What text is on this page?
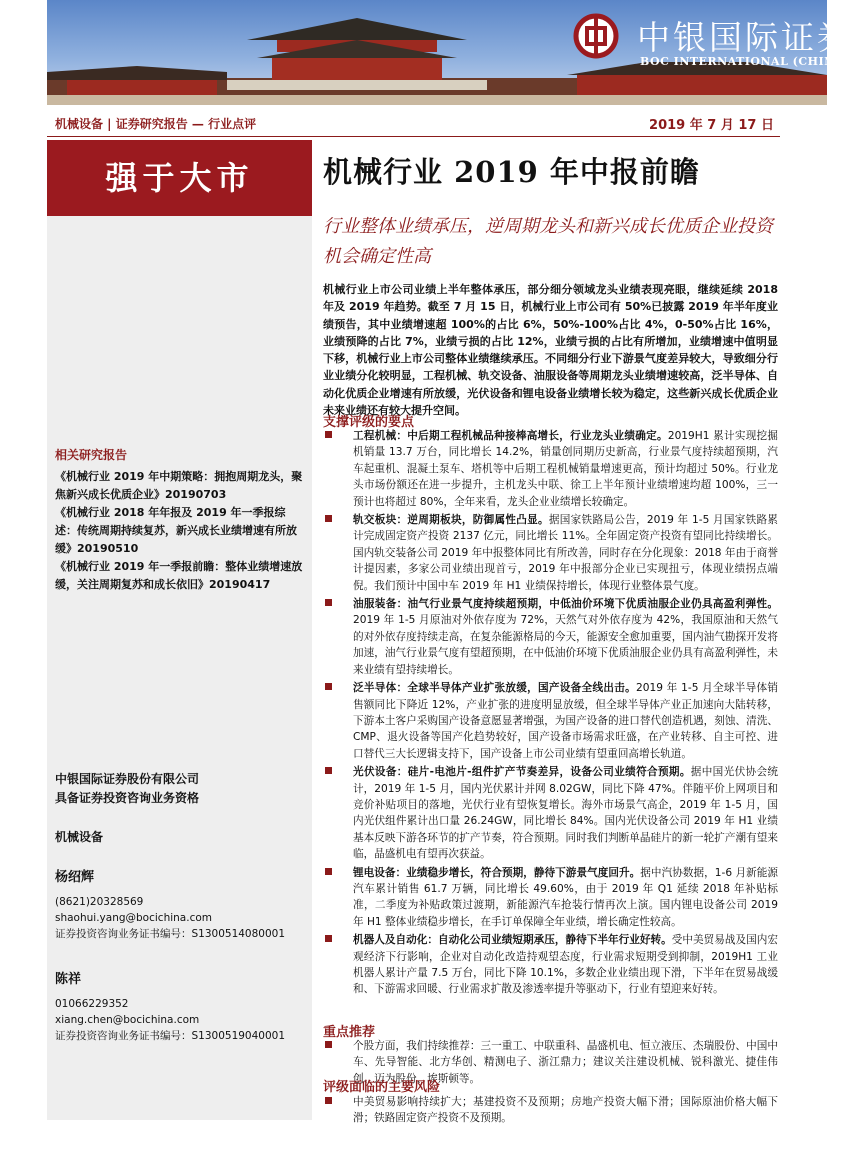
中银国际证券
BOC INTERNATIONAL (CHINA)
机械设备 | 证券研究报告 — 行业点评	2019 年 7 月 17 日
强于大市
相关研究报告

《机械行业 2019 年中期策略：拥抱周期龙头，聚焦新兴成长优质企业》20190703

《机械行业 2018 年年报及 2019 年一季报综述：传统周期持续复苏，新兴成长业绩增速有所放缓》20190510

《机械行业 2019 年一季报前瞻：整体业绩增速放缓，关注周期复苏和成长依旧》20190417

中银国际证券股份有限公司
具备证券投资咨询业务资格
机械设备
杨绍辉
(8621)20328569
shaohui.yang@bocichina.com
证券投资咨询业务证书编号：S1300514080001
陈祥
01066229352
xiang.chen@bocichina.com
证券投资咨询业务证书编号：S1300519040001
机械行业 2019 年中报前瞻
行业整体业绩承压，逆周期龙头和新兴成长优质企业投资机会确定性高
机械行业上市公司业绩上半年整体承压，部分细分领域龙头业绩表现亮眼，继续延续 2018 年及 2019 年趋势。截至 7 月 15 日，机械行业上市公司有 50%已披露 2019 年半年度业绩预告，其中业绩增速超 100%的占比 6%，50%-100%占比 4%，0-50%占比 16%，业绩预降的占比 7%，业绩亏损的占比 12%，业绩亏损的占比有所增加，业绩增速中值明显下移，机械行业上市公司整体业绩继续承压。不同细分行业下游景气度差异较大，导致细分行业业绩分化较明显，工程机械、轨交设备、油服设备等周期龙头业绩增速较高，泛半导体、自动化优质企业增速有所放缓，光伏设备和锂电设备业绩增长较为稳定，这些新兴成长优质企业未来业绩还有较大提升空间。
支撑评级的要点
工程机械：中后期工程机械品种接棒高增长，行业龙头业绩确定。2019H1 累计实现挖掘机销量 13.7 万台，同比增长 14.2%，销量创同期历史新高，行业景气度持续超预期，汽车起重机、混凝土泵车、塔机等中后期工程机械销量增速更高，预计均超过 50%。行业龙头市场份额还在进一步提升，主机龙头中联、徐工上半年预计业绩增速均超 100%，三一预计也将超过 80%，全年来看，龙头企业业绩增长较确定。
轨交板块：逆周期板块，防御属性凸显。据国家铁路局公告，2019 年 1-5 月国家铁路累计完成固定资产投资 2137 亿元，同比增长 11%。全年固定资产投资有望同比持续增长。国内轨交装备公司 2019 年中报整体同比有所改善，同时存在分化现象：2018 年由于商誉计提因素，多家公司业绩出现首亏，2019 年中报部分企业已实现扭亏，体现业绩拐点端倪。我们预计中国中车 2019 年 H1 业绩保持增长，体现行业整体景气度。
油服装备：油气行业景气度持续超预期，中低油价环境下优质油服企业仍具高盈利弹性。2019 年 1-5 月原油对外依存度为 72%，天然气对外依存度为 42%，我国原油和天然气的对外依存度持续走高，在复杂能源格局的今天，能源安全愈加重要，国内油气勘探开发将加速，油气行业景气度有望超预期，在中低油价环境下优质油服企业仍具有高盈利弹性，未来业绩有望持续增长。
泛半导体：全球半导体产业扩张放缓，国产设备全线出击。2019 年 1-5 月全球半导体销售额同比下降近 12%，产业扩张的进度明显放缓，但全球半导体产业正加速向大陆转移，下游本土客户采购国产设备意愿显著增强，为国产设备的进口替代创造机遇，刻蚀、清洗、CMP、退火设备等国产化趋势较好，国产设备市场需求旺盛，在产业转移、自主可控、进口替代三大长逻辑支持下，国产设备上市公司业绩有望重回高增长轨道。
光伏设备：硅片-电池片-组件扩产节奏差异，设备公司业绩符合预期。据中国光伏协会统计，2019 年 1-5 月，国内光伏累计并网 8.02GW，同比下降 47%。伴随平价上网项目和竞价补贴项目的落地，光伏行业有望恢复增长。海外市场景气高企，2019 年 1-5 月，国内光伏组件累计出口量 26.24GW，同比增长 84%。国内光伏设备公司 2019 年 H1 业绩基本反映下游各环节的扩产节奏，符合预期。同时我们判断单晶硅片的新一轮扩产潮有望来临，晶盛机电有望再次获益。
锂电设备：业绩稳步增长，符合预期，静待下游景气度回升。据中汽协数据，1-6 月新能源汽车累计销售 61.7 万辆，同比增长 49.60%，由于 2019 年 Q1 延续 2018 年补贴标准，二季度为补贴政策过渡期，新能源汽车抢装行情再次上演。国内锂电设备公司 2019 年 H1 整体业绩稳步增长，在手订单保障全年业绩，增长确定性较高。
机器人及自动化：自动化公司业绩短期承压，静待下半年行业好转。受中美贸易战及国内宏观经济下行影响，企业对自动化改造持观望态度，行业需求短期受到抑制，2019H1 工业机器人累计产量 7.5 万台，同比下降 10.1%，多数企业业绩出现下滑，下半年在贸易战缓和、下游需求回暖、行业需求扩散及渗透率提升等驱动下，行业有望迎来好转。
重点推荐
个股方面，我们持续推荐：三一重工、中联重科、晶盛机电、恒立液压、杰瑞股份、中国中车、先导智能、北方华创、精测电子、浙江鼎力；建议关注建设机械、锐科激光、捷佳伟创、迈为股份、埃斯顿等。
评级面临的主要风险
中美贸易影响持续扩大；基建投资不及预期；房地产投资大幅下滑；国际原油价格大幅下滑；铁路固定资产投资不及预期。
